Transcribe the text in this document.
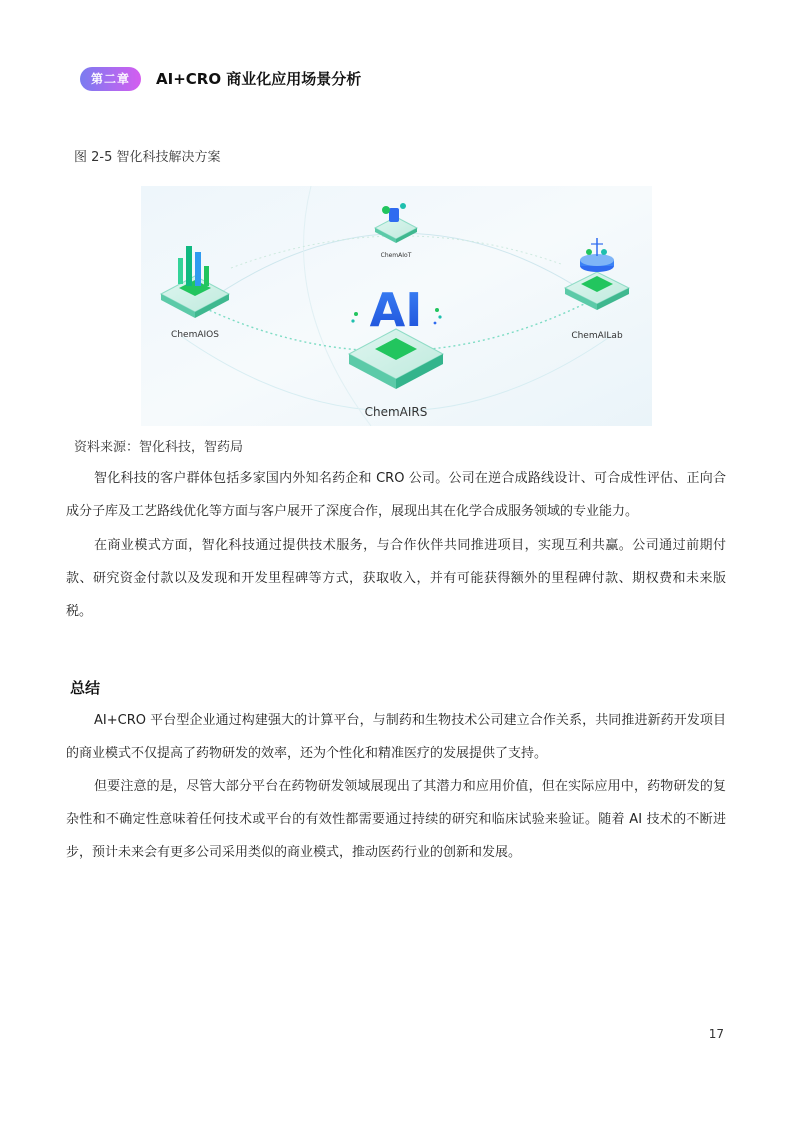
第二章	AI+CRO 商业化应用场景分析
图 2-5 智化科技解决方案
ChemAIOS
ChemAIoT
ChemAILab
AI
ChemAIRS
资料来源：智化科技，智药局

智化科技的客户群体包括多家国内外知名药企和 CRO 公司。公司在逆合成路线设计、可合成性评估、正向合成分子库及工艺路线优化等方面与客户展开了深度合作，展现出其在化学合成服务领域的专业能力。

在商业模式方面，智化科技通过提供技术服务，与合作伙伴共同推进项目，实现互利共赢。公司通过前期付款、研究资金付款以及发现和开发里程碑等方式，获取收入，并有可能获得额外的里程碑付款、期权费和未来版税。

总结

AI+CRO 平台型企业通过构建强大的计算平台，与制药和生物技术公司建立合作关系，共同推进新药开发项目的商业模式不仅提高了药物研发的效率，还为个性化和精准医疗的发展提供了支持。

但要注意的是，尽管大部分平台在药物研发领域展现出了其潜力和应用价值，但在实际应用中，药物研发的复杂性和不确定性意味着任何技术或平台的有效性都需要通过持续的研究和临床试验来验证。随着 AI 技术的不断进步，预计未来会有更多公司采用类似的商业模式，推动医药行业的创新和发展。

17
